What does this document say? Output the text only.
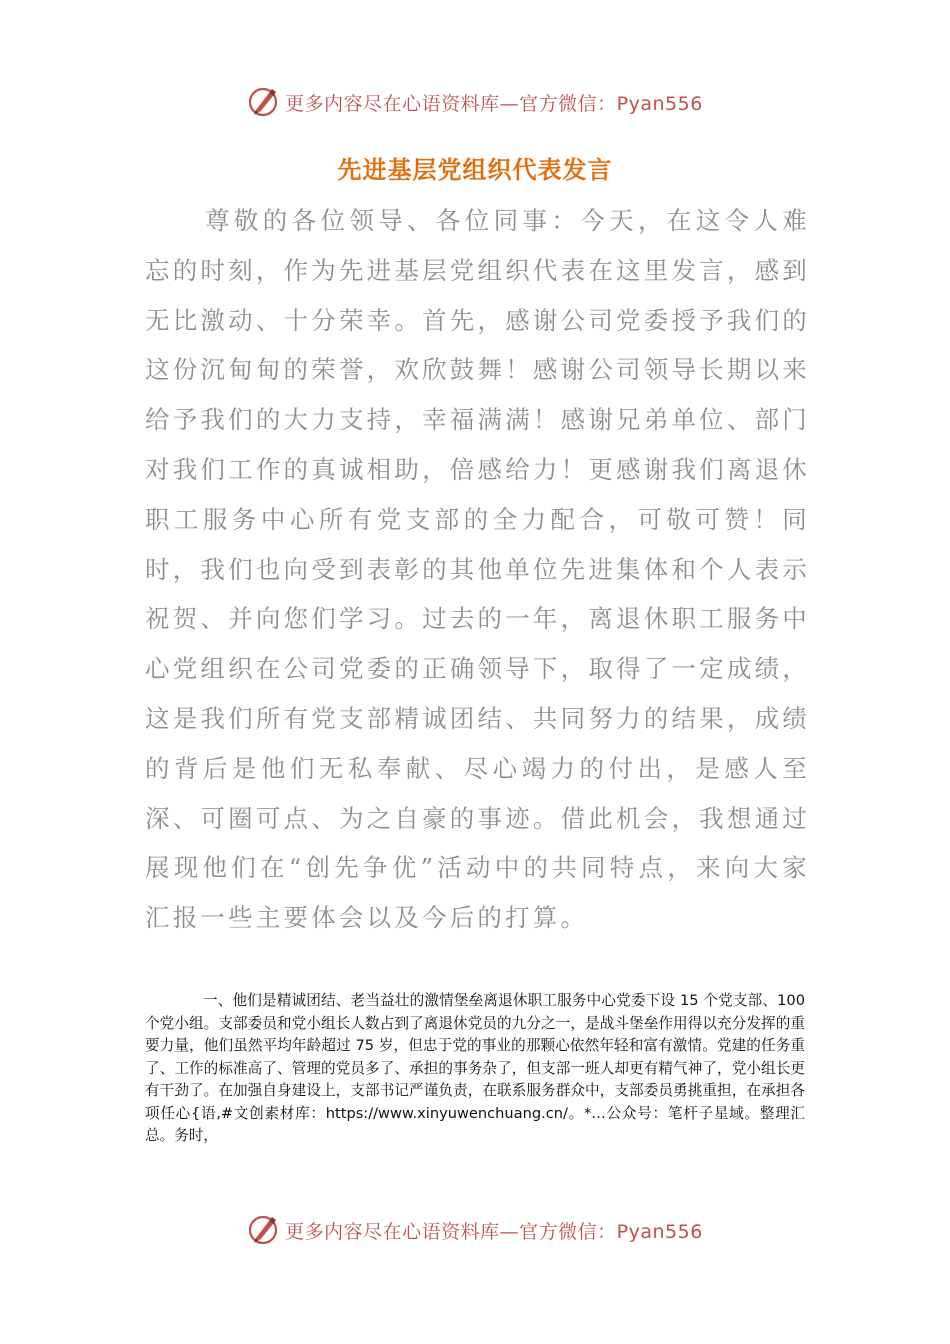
更多内容尽在心语资料库—官方微信：Pyan556
先进基层党组织代表发言

尊敬的各位领导、各位同事：今天，在这令人难忘的时刻，作为先进基层党组织代表在这里发言，感到无比激动、十分荣幸。首先，感谢公司党委授予我们的这份沉甸甸的荣誉，欢欣鼓舞！感谢公司领导长期以来给予我们的大力支持，幸福满满！感谢兄弟单位、部门对我们工作的真诚相助，倍感给力！更感谢我们离退休职工服务中心所有党支部的全力配合，可敬可赞！同时，我们也向受到表彰的其他单位先进集体和个人表示祝贺、并向您们学习。过去的一年，离退休职工服务中心党组织在公司党委的正确领导下，取得了一定成绩，这是我们所有党支部精诚团结、共同努力的结果，成绩的背后是他们无私奉献、尽心竭力的付出，是感人至深、可圈可点、为之自豪的事迹。借此机会，我想通过展现他们在“创先争优”活动中的共同特点，来向大家汇报一些主要体会以及今后的打算。

一、他们是精诚团结、老当益壮的激情堡垒离退休职工服务中心党委下设 15 个党支部、100 个党小组。支部委员和党小组长人数占到了离退休党员的九分之一，是战斗堡垒作用得以充分发挥的重要力量，他们虽然平均年龄超过 75 岁，但忠于党的事业的那颗心依然年轻和富有激情。党建的任务重了、工作的标准高了、管理的党员多了、承担的事务杂了，但支部一班人却更有精气神了，党小组长更有干劲了。在加强自身建设上，支部书记严谨负责，在联系服务群众中，支部委员勇挑重担，在承担各项任心{语,#文创素材库：https://www.xinyuwenchuang.cn/。*…公众号：笔杆子星域。整理汇总。务时，

更多内容尽在心语资料库—官方微信：Pyan556
